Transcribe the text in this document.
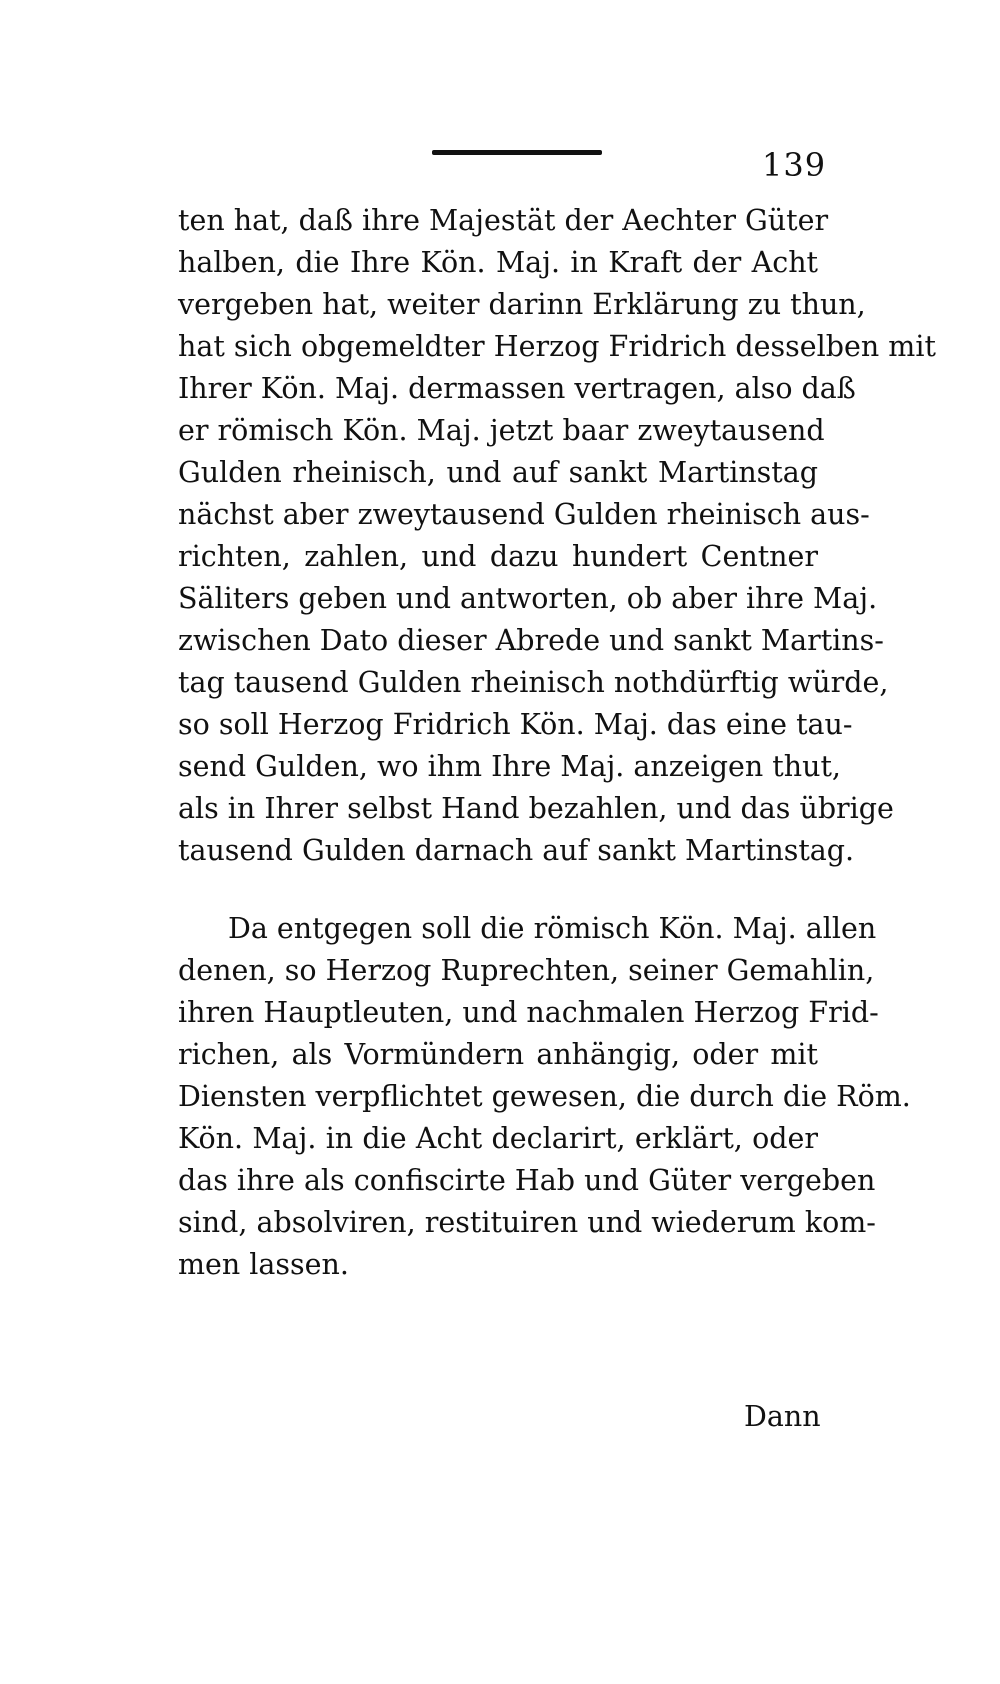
139
ten hat, daß ihre Majestät der Aechter Güter
halben, die Ihre Kön. Maj. in Kraft der Acht
vergeben hat, weiter darinn Erklärung zu thun,
hat sich obgemeldter Herzog Fridrich desselben mit
Ihrer Kön. Maj. dermassen vertragen, also daß
er römisch Kön. Maj. jetzt baar zweytausend
Gulden rheinisch, und auf sankt Martinstag
nächst aber zweytausend Gulden rheinisch aus-
richten, zahlen, und dazu hundert Centner
Säliters geben und antworten, ob aber ihre Maj.
zwischen Dato dieser Abrede und sankt Martins-
tag tausend Gulden rheinisch nothdürftig würde,
so soll Herzog Fridrich Kön. Maj. das eine tau-
send Gulden, wo ihm Ihre Maj. anzeigen thut,
als in Ihrer selbst Hand bezahlen, und das übrige
tausend Gulden darnach auf sankt Martinstag.
Da entgegen soll die römisch Kön. Maj. allen
denen, so Herzog Ruprechten, seiner Gemahlin,
ihren Hauptleuten, und nachmalen Herzog Frid-
richen, als Vormündern anhängig, oder mit
Diensten verpflichtet gewesen, die durch die Röm.
Kön. Maj. in die Acht declarirt, erklärt, oder
das ihre als confiscirte Hab und Güter vergeben
sind, absolviren, restituiren und wiederum kom-
men lassen.
Dann
